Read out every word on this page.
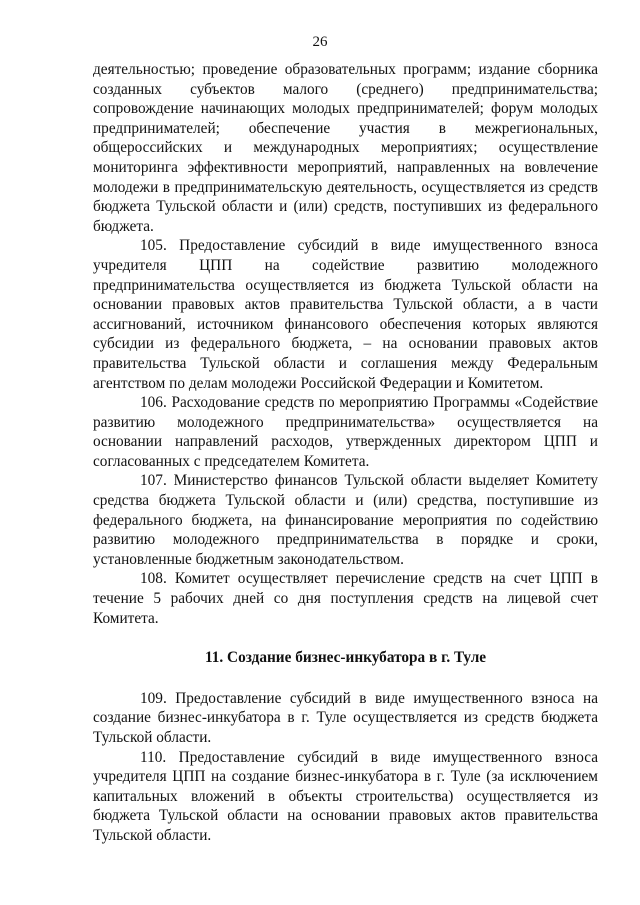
26

деятельностью; проведение образовательных программ; издание сборника созданных субъектов малого (среднего) предпринимательства; сопровождение начинающих молодых предпринимателей; форум молодых предпринимателей; обеспечение участия в межрегиональных, общероссийских и международных мероприятиях; осуществление мониторинга эффективности мероприятий, направленных на вовлечение молодежи в предпринимательскую деятельность, осуществляется из средств бюджета Тульской области и (или) средств, поступивших из федерального бюджета.

105. Предоставление субсидий в виде имущественного взноса учредителя ЦПП на содействие развитию молодежного предпринимательства осуществляется из бюджета Тульской области на основании правовых актов правительства Тульской области, а в части ассигнований, источником финансового обеспечения которых являются субсидии из федерального бюджета, – на основании правовых актов правительства Тульской области и соглашения между Федеральным агентством по делам молодежи Российской Федерации и Комитетом.

106. Расходование средств по мероприятию Программы «Содействие развитию молодежного предпринимательства» осуществляется на основании направлений расходов, утвержденных директором ЦПП и согласованных с председателем Комитета.

107. Министерство финансов Тульской области выделяет Комитету средства бюджета Тульской области и (или) средства, поступившие из федерального бюджета, на финансирование мероприятия по содействию развитию молодежного предпринимательства в порядке и сроки, установленные бюджетным законодательством.

108. Комитет осуществляет перечисление средств на счет ЦПП в течение 5 рабочих дней со дня поступления средств на лицевой счет Комитета.

11. Создание бизнес-инкубатора в г. Туле

109. Предоставление субсидий в виде имущественного взноса на создание бизнес-инкубатора в г. Туле осуществляется из средств бюджета Тульской области.

110. Предоставление субсидий в виде имущественного взноса учредителя ЦПП на создание бизнес-инкубатора в г. Туле (за исключением капитальных вложений в объекты строительства) осуществляется из бюджета Тульской области на основании правовых актов правительства Тульской области.
